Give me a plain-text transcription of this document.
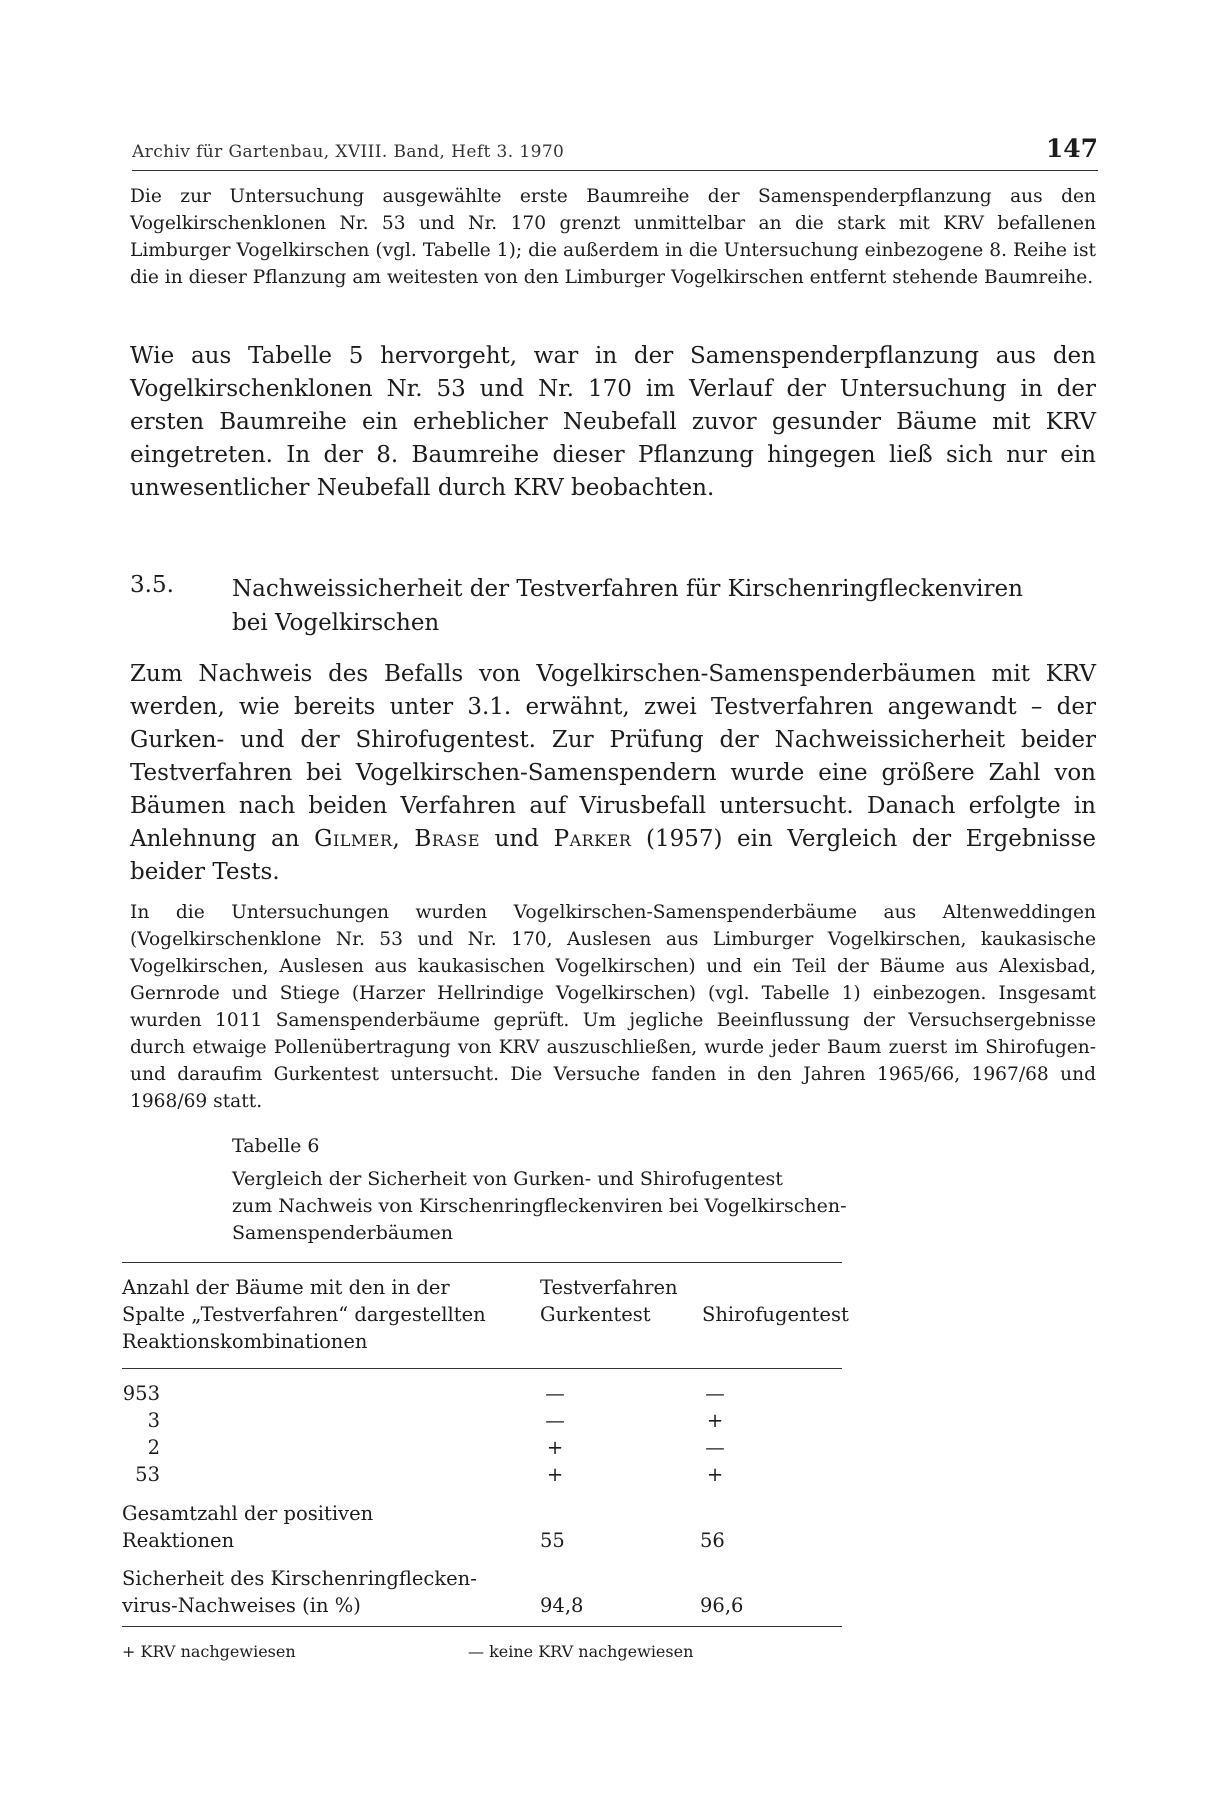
Archiv für Gartenbau, XVIII. Band, Heft 3. 1970	147

Die zur Untersuchung ausgewählte erste Baumreihe der Samenspenderpflanzung aus den Vogelkirschenklonen Nr. 53 und Nr. 170 grenzt unmittelbar an die stark mit KRV befallenen Limburger Vogelkirschen (vgl. Tabelle 1); die außerdem in die Untersuchung einbezogene 8. Reihe ist die in dieser Pflanzung am weitesten von den Limburger Vogelkirschen entfernt stehende Baumreihe.

Wie aus Tabelle 5 hervorgeht, war in der Samenspenderpflanzung aus den Vogelkirschenklonen Nr. 53 und Nr. 170 im Verlauf der Untersuchung in der ersten Baumreihe ein erheblicher Neubefall zuvor gesunder Bäume mit KRV eingetreten. In der 8. Baumreihe dieser Pflanzung hingegen ließ sich nur ein unwesentlicher Neubefall durch KRV beobachten.

3.5.	Nachweissicherheit der Testverfahren für Kirschenringfleckenviren
bei Vogelkirschen

Zum Nachweis des Befalls von Vogelkirschen-Samenspenderbäumen mit KRV werden, wie bereits unter 3.1. erwähnt, zwei Testverfahren angewandt – der Gurken- und der Shirofugentest. Zur Prüfung der Nachweissicherheit beider Testverfahren bei Vogelkirschen-Samenspendern wurde eine größere Zahl von Bäumen nach beiden Verfahren auf Virusbefall untersucht. Danach erfolgte in Anlehnung an Gilmer, Brase und Parker (1957) ein Vergleich der Ergebnisse beider Tests.

In die Untersuchungen wurden Vogelkirschen-Samenspenderbäume aus Altenweddingen (Vogelkirschenklone Nr. 53 und Nr. 170, Auslesen aus Limburger Vogelkirschen, kaukasische Vogelkirschen, Auslesen aus kaukasischen Vogelkirschen) und ein Teil der Bäume aus Alexisbad, Gernrode und Stiege (Harzer Hellrindige Vogelkirschen) (vgl. Tabelle 1) einbezogen. Insgesamt wurden 1011 Samenspenderbäume geprüft. Um jegliche Beeinflussung der Versuchsergebnisse durch etwaige Pollenübertragung von KRV auszuschließen, wurde jeder Baum zuerst im Shirofugen- und daraufim Gurkentest untersucht. Die Versuche fanden in den Jahren 1965/66, 1967/68 und 1968/69 statt.

Tabelle 6
Vergleich der Sicherheit von Gurken- und Shirofugentest
zum Nachweis von Kirschenringfleckenviren bei Vogelkirschen-
Samenspenderbäumen
Anzahl der Bäume mit den in der
Spalte „Testverfahren“ dargestellten
Reaktionskombinationen
Testverfahren
Gurkentest	Shirofugentest
953	—	—
3	—	+
2	+	—
53	+	+
Gesamtzahl der positiven
Reaktionen	55	56
Sicherheit des Kirschenringflecken-
virus-Nachweises (in %)	94,8	96,6
+ KRV nachgewiesen	— keine KRV nachgewiesen
